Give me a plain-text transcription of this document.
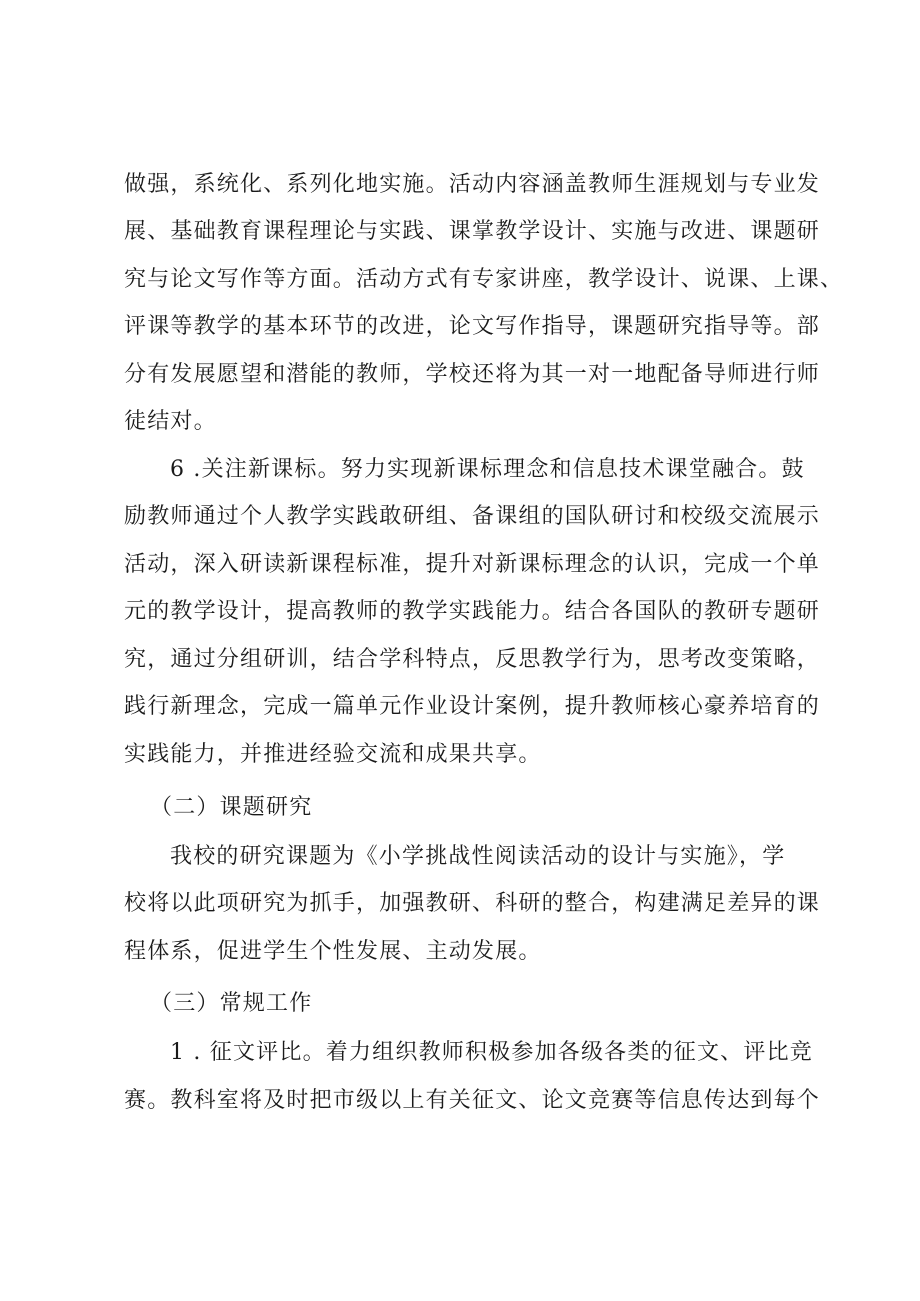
做强，系统化、系列化地实施。活动内容涵盖教师生涯规划与专业发
展、基础教育课程理论与实践、课掌教学设计、实施与改进、课题研
究与论文写作等方面。活动方式有专家讲座，教学设计、说课、上课、
评课等教学的基本环节的改进，论文写作指导，课题研究指导等。部
分有发展愿望和潜能的教师，学校还将为其一对一地配备导师进行师
徒结对。
6 .关注新课标。努力实现新课标理念和信息技术课堂融合。鼓
励教师通过个人教学实践敢研组、备课组的国队研讨和校级交流展示
活动，深入研读新课程标准，提升对新课标理念的认识，完成一个单
元的教学设计，提高教师的教学实践能力。结合各国队的教研专题研
究，通过分组研训，结合学科特点，反思教学行为，思考改变策略，
践行新理念，完成一篇单元作业设计案例，提升教师核心豪养培育的
实践能力，并推进经验交流和成果共享。
（二）课题研究
我校的研究课题为《小学挑战性阅读活动的设计与实施》，学
校将以此项研究为抓手，加强教研、科研的整合，构建满足差异的课
程体系，促进学生个性发展、主动发展。
（三）常规工作
1 . 征文评比。着力组织教师积极参加各级各类的征文、评比竞
赛。教科室将及时把市级以上有关征文、论文竞赛等信息传达到每个
